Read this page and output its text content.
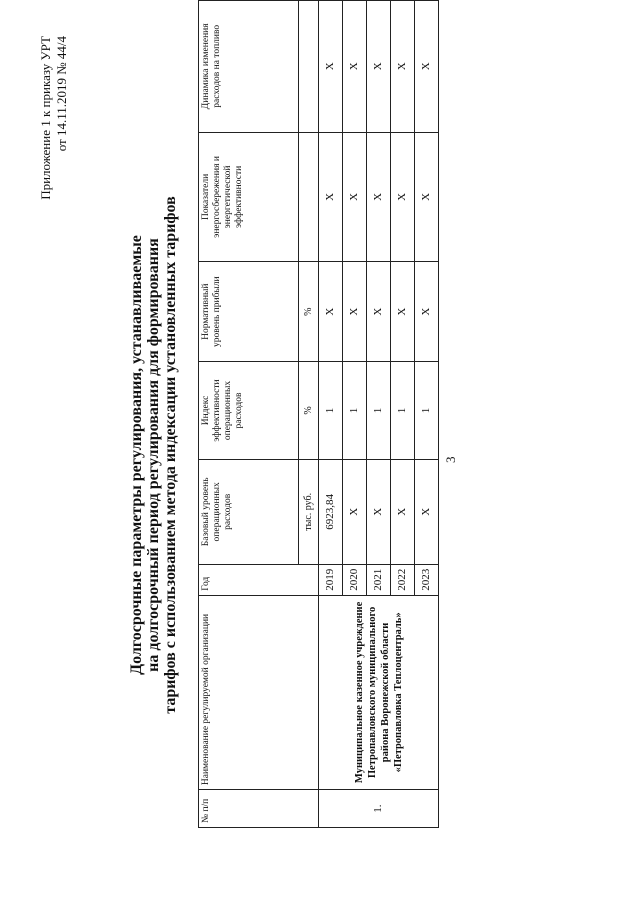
Приложение 1 к приказу УРТ от 14.11.2019 № 44/4
3
Долгосрочные параметры регулирования, устанавливаемые на долгосрочный период регулирования для формирования тарифов с использованием метода индексации установленных тарифов
№ п/п	Наименование регулируемой организации	Год	Базовый уровень операционных расходов	Индекс эффективности операционных расходов	Нормативный уровень прибыли	Показатели энергосбережения и энергетической эффективности	Динамика изменения расходов на топливо
			тыс. руб.	%	%		
1.	Муниципальное казенное учреждение Петропавловского муниципального района Воронежской области «Петропавловка Теплоцентраль»	2019	6923,84	1	X	X	X
		2020	X	1	X	X	X
		2021	X	1	X	X	X
		2022	X	1	X	X	X
		2023	X	1	X	X	X
